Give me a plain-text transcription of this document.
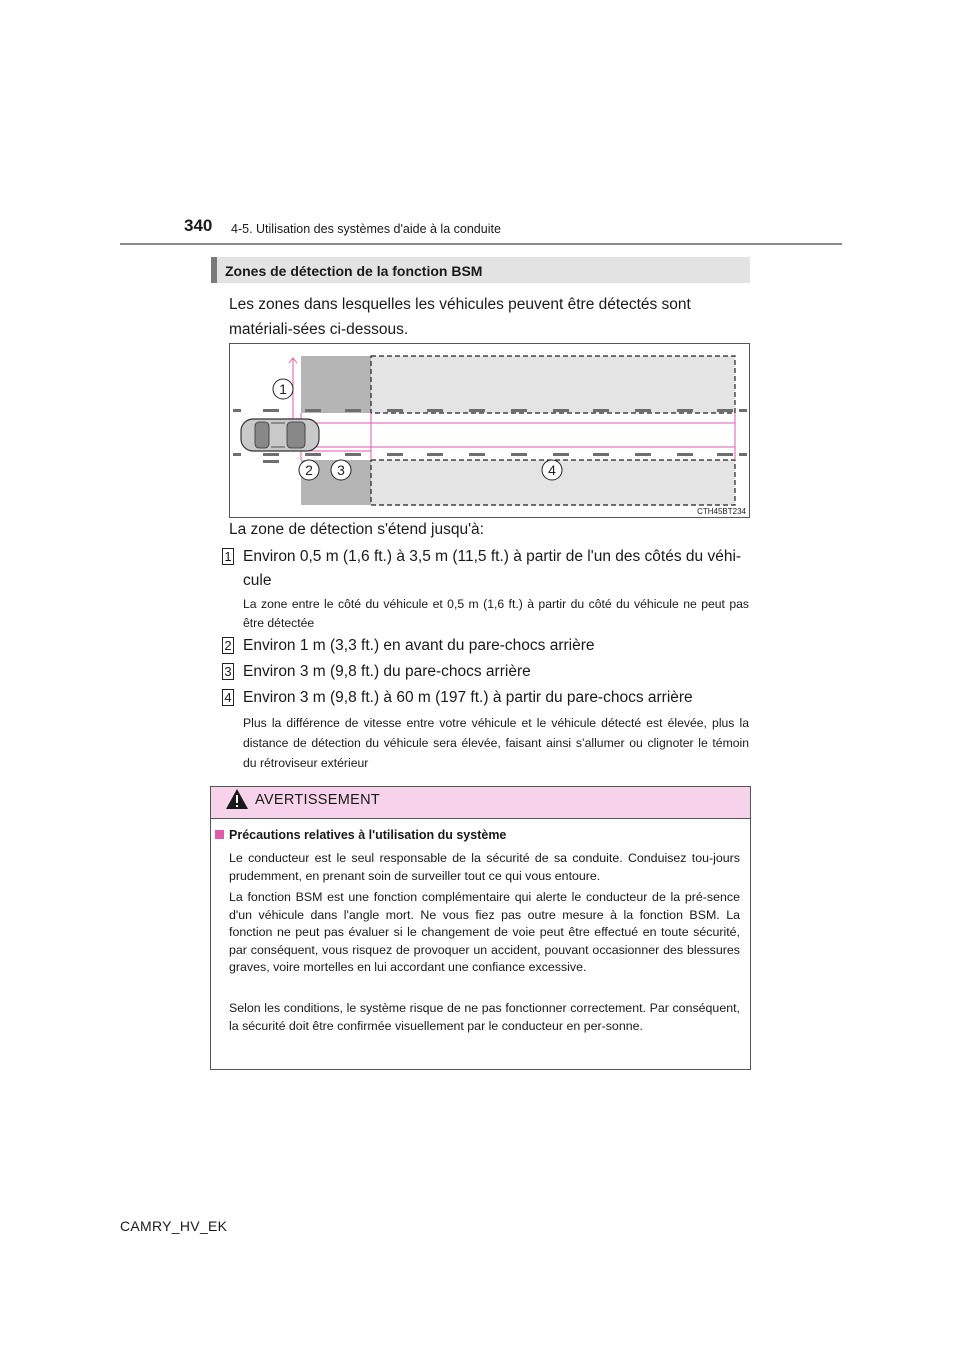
340 4-5. Utilisation des systèmes d'aide à la conduite
Zones de détection de la fonction BSM
Les zones dans lesquelles les véhicules peuvent être détectés sont matériali-sées ci-dessous.
1
2 3	4
CTH45BT234
La zone de détection s'étend jusqu'à:
1 Environ 0,5 m (1,6 ft.) à 3,5 m (11,5 ft.) à partir de l'un des côtés du véhi-cule
La zone entre le côté du véhicule et 0,5 m (1,6 ft.) à partir du côté du véhicule ne peut pas être détectée
2 Environ 1 m (3,3 ft.) en avant du pare-chocs arrière
3 Environ 3 m (9,8 ft.) du pare-chocs arrière
4 Environ 3 m (9,8 ft.) à 60 m (197 ft.) à partir du pare-chocs arrière
Plus la différence de vitesse entre votre véhicule et le véhicule détecté est élevée, plus la distance de détection du véhicule sera élevée, faisant ainsi s’allumer ou clignoter le témoin du rétroviseur extérieur
AVERTISSEMENT
Précautions relatives à l'utilisation du système
Le conducteur est le seul responsable de la sécurité de sa conduite. Conduisez tou-jours prudemment, en prenant soin de surveiller tout ce qui vous entoure.
La fonction BSM est une fonction complémentaire qui alerte le conducteur de la pré-sence d'un véhicule dans l'angle mort. Ne vous fiez pas outre mesure à la fonction BSM. La fonction ne peut pas évaluer si le changement de voie peut être effectué en toute sécurité, par conséquent, vous risquez de provoquer un accident, pouvant occasionner des blessures graves, voire mortelles en lui accordant une confiance excessive.
Selon les conditions, le système risque de ne pas fonctionner correctement. Par conséquent, la sécurité doit être confirmée visuellement par le conducteur en per-sonne.
CAMRY_HV_EK
